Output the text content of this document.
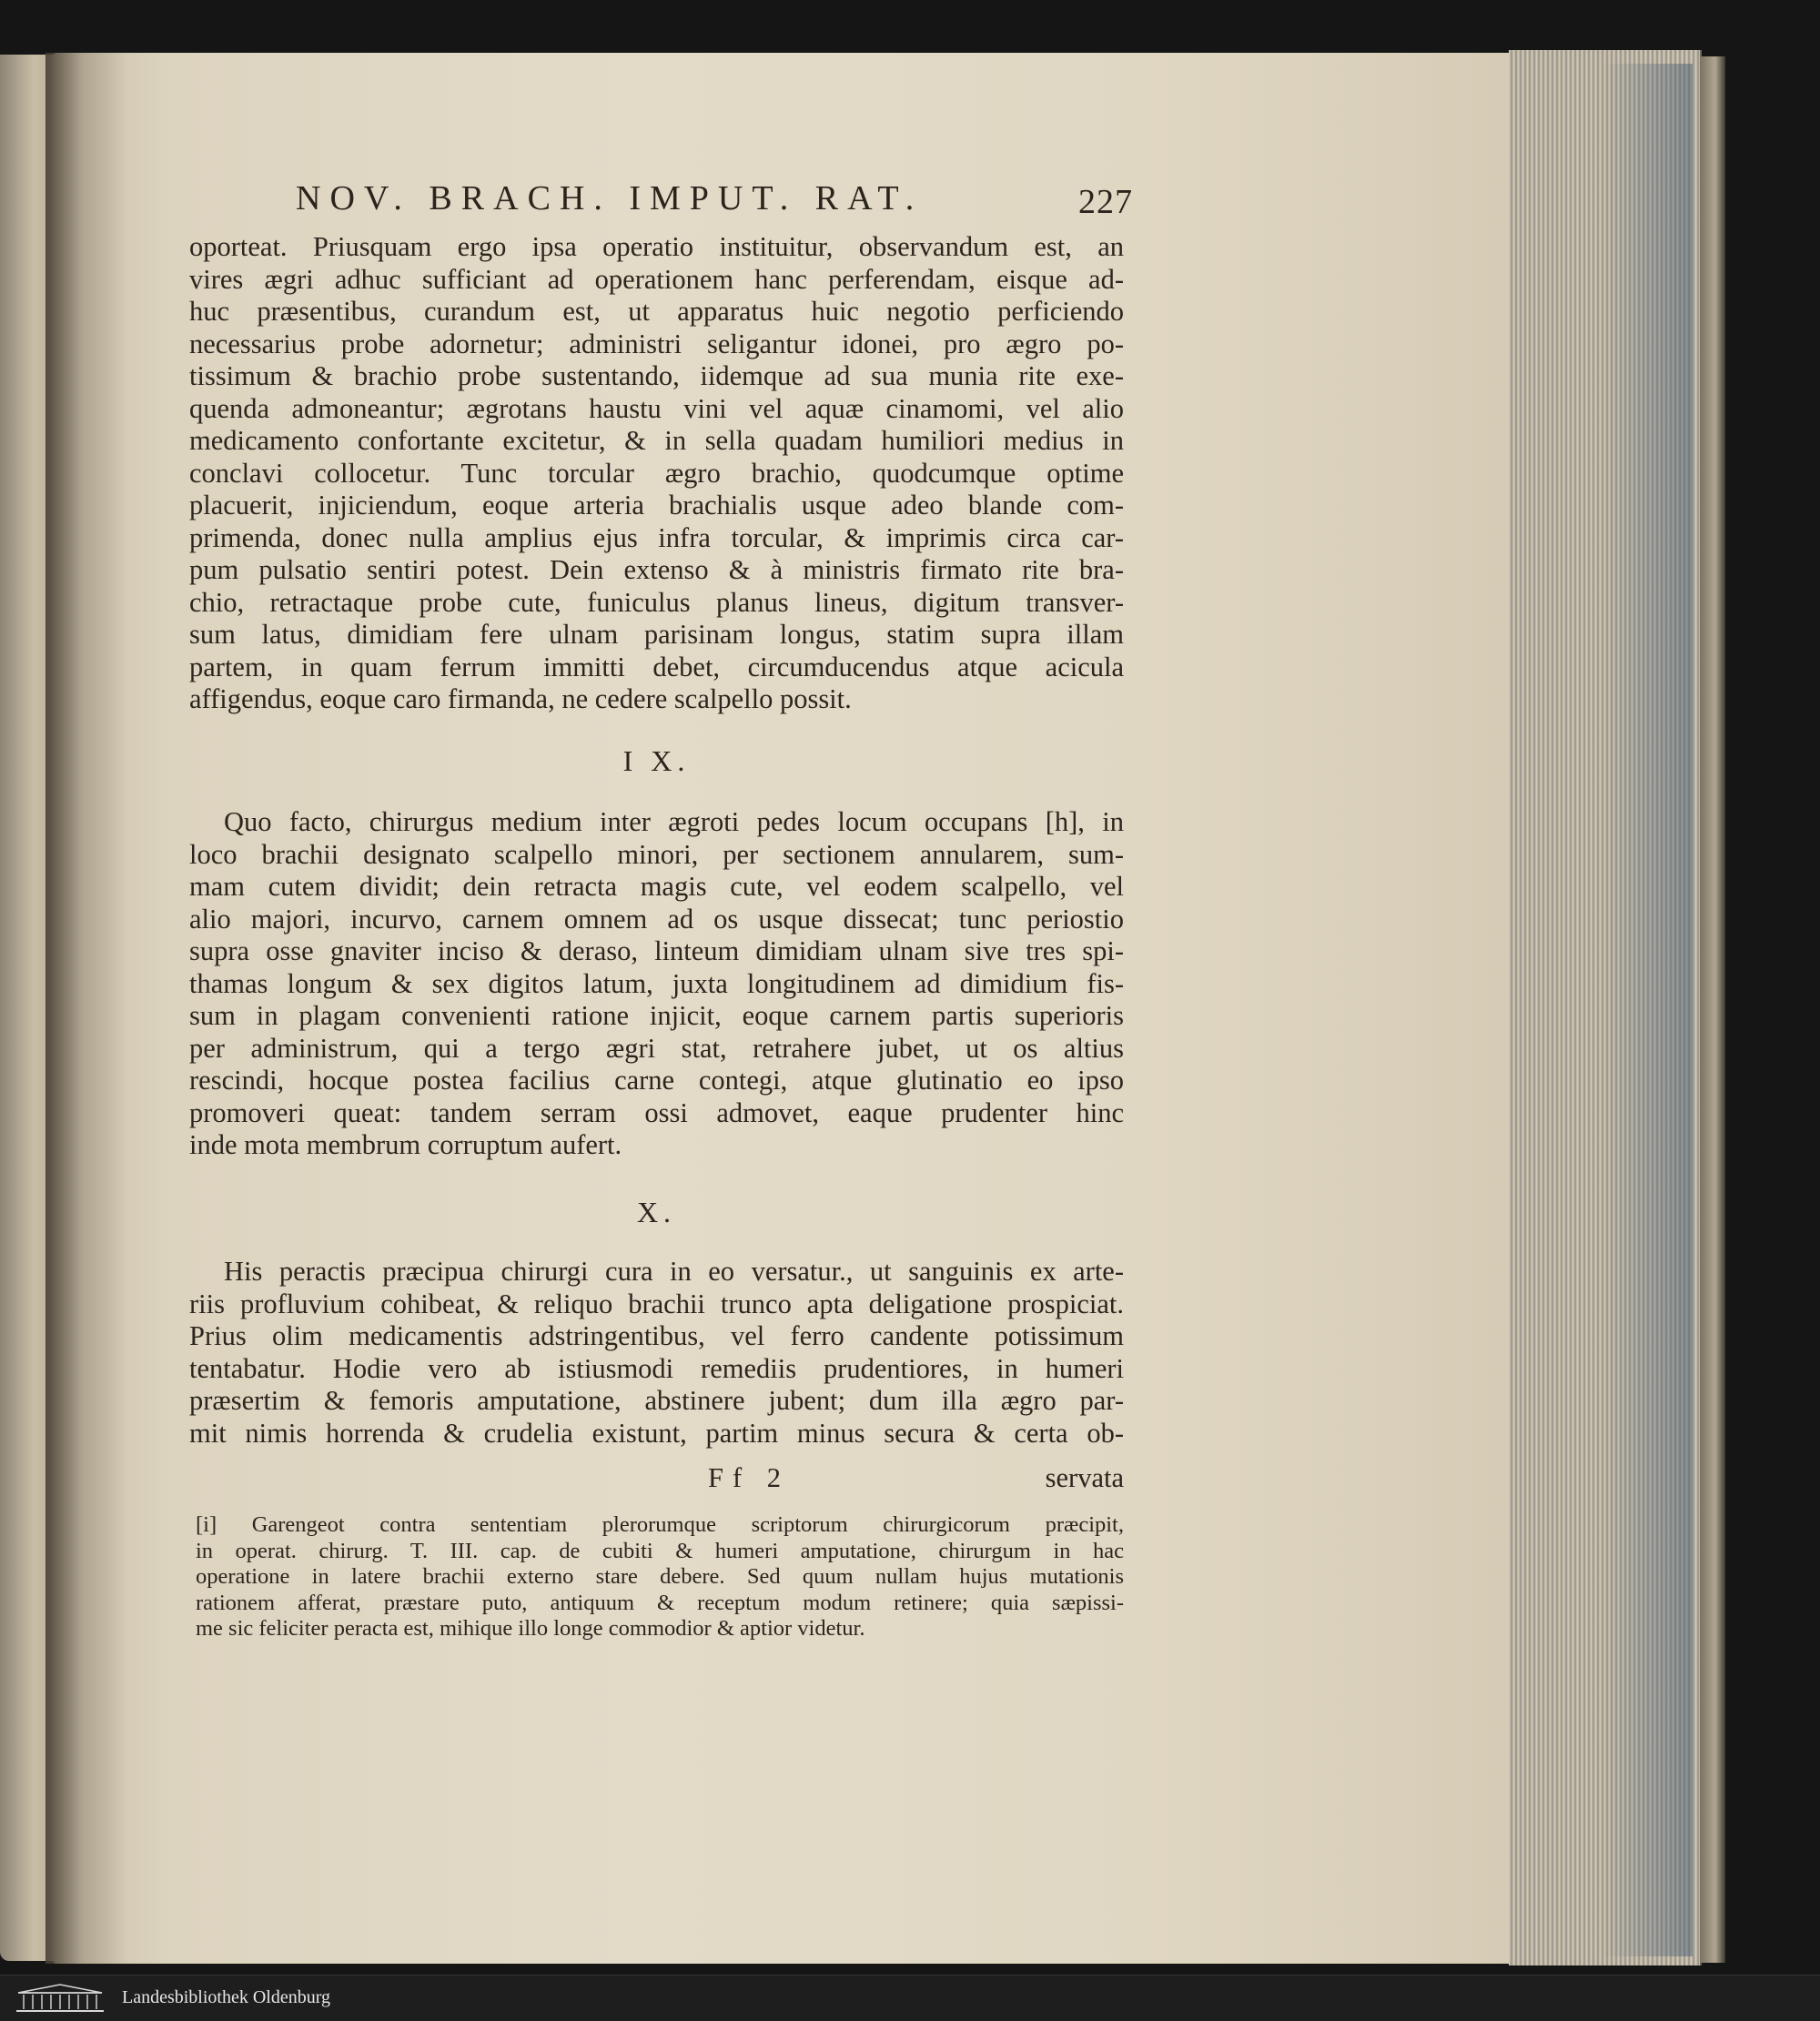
NOV. BRACH. IMPUT. RAT.	227
oporteat. Priusquam ergo ipsa operatio instituitur, observandum est, an
vires ægri adhuc sufficiant ad operationem hanc perferendam, eisque ad-
huc præsentibus, curandum est, ut apparatus huic negotio perficiendo
necessarius probe adornetur; administri seligantur idonei, pro ægro po-
tissimum & brachio probe sustentando, iidemque ad sua munia rite exe-
quenda admoneantur; ægrotans haustu vini vel aquæ cinamomi, vel alio
medicamento confortante excitetur, & in sella quadam humiliori medius in
conclavi collocetur. Tunc torcular ægro brachio, quodcumque optime
placuerit, injiciendum, eoque arteria brachialis usque adeo blande com-
primenda, donec nulla amplius ejus infra torcular, & imprimis circa car-
pum pulsatio sentiri potest. Dein extenso & à ministris firmato rite bra-
chio, retractaque probe cute, funiculus planus lineus, digitum transver-
sum latus, dimidiam fere ulnam parisinam longus, statim supra illam
partem, in quam ferrum immitti debet, circumducendus atque acicula
affigendus, eoque caro firmanda, ne cedere scalpello possit.
I X.
Quo facto, chirurgus medium inter ægroti pedes locum occupans [h], in
loco brachii designato scalpello minori, per sectionem annularem, sum-
mam cutem dividit; dein retracta magis cute, vel eodem scalpello, vel
alio majori, incurvo, carnem omnem ad os usque dissecat; tunc periostio
supra osse gnaviter inciso & deraso, linteum dimidiam ulnam sive tres spi-
thamas longum & sex digitos latum, juxta longitudinem ad dimidium fis-
sum in plagam convenienti ratione injicit, eoque carnem partis superioris
per administrum, qui a tergo ægri stat, retrahere jubet, ut os altius
rescindi, hocque postea facilius carne contegi, atque glutinatio eo ipso
promoveri queat: tandem serram ossi admovet, eaque prudenter hinc
inde mota membrum corruptum aufert.
X.
His peractis præcipua chirurgi cura in eo versatur., ut sanguinis ex arte-
riis profluvium cohibeat, & reliquo brachii trunco apta deligatione prospiciat.
Prius olim medicamentis adstringentibus, vel ferro candente potissimum
tentabatur. Hodie vero ab istiusmodi remediis prudentiores, in humeri
præsertim & femoris amputatione, abstinere jubent; dum illa ægro par-
mit nimis horrenda & crudelia existunt, partim minus secura & certa ob-
Ff 2	servata
[i] Garengeot contra sententiam plerorumque scriptorum chirurgicorum præcipit,
in operat. chirurg. T. III. cap. de cubiti & humeri amputatione, chirurgum in hac
operatione in latere brachii externo stare debere. Sed quum nullam hujus mutationis
rationem afferat, præstare puto, antiquum & receptum modum retinere; quia sæpissi-
me sic feliciter peracta est, mihique illo longe commodior & aptior videtur.
Landesbibliothek Oldenburg
